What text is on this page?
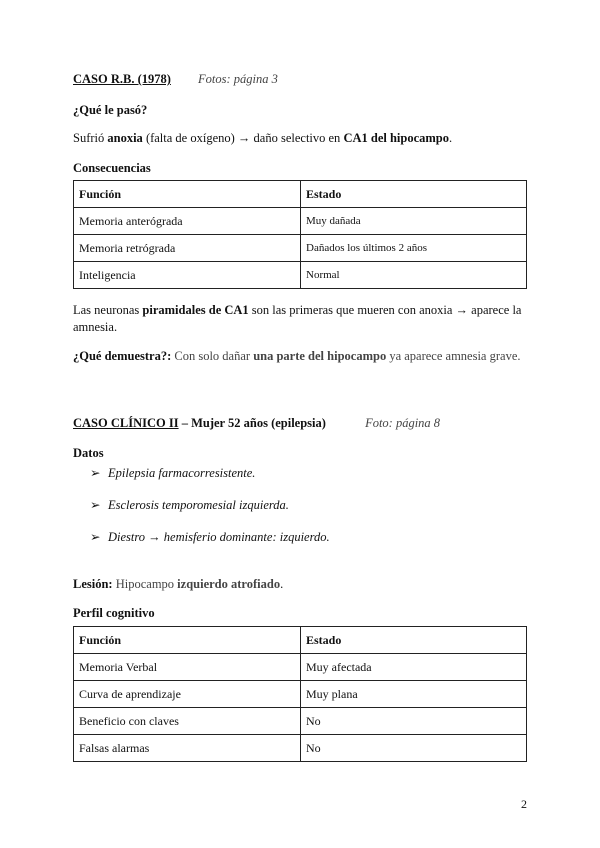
CASO R.B. (1978) Fotos: página 3

¿Qué le pasó?

Sufrió anoxia (falta de oxígeno) → daño selectivo en CA1 del hipocampo.

Consecuencias

Función	Estado
Memoria anterógrada	Muy dañada
Memoria retrógrada	Dañados los últimos 2 años
Inteligencia	Normal
Las neuronas piramidales de CA1 son las primeras que mueren con anoxia → aparece la
amnesia.

¿Qué demuestra?: Con solo dañar una parte del hipocampo ya aparece amnesia grave.

CASO CLÍNICO II – Mujer 52 años (epilepsia)	Foto: página 8

Datos

➢ Epilepsia farmacorresistente.
➢ Esclerosis temporomesial izquierda.
➢ Diestro → hemisferio dominante: izquierdo.

Lesión: Hipocampo izquierdo atrofiado.

Perfil cognitivo

Función	Estado
Memoria Verbal	Muy afectada
Curva de aprendizaje	Muy plana
Beneficio con claves	No
Falsas alarmas	No
2
